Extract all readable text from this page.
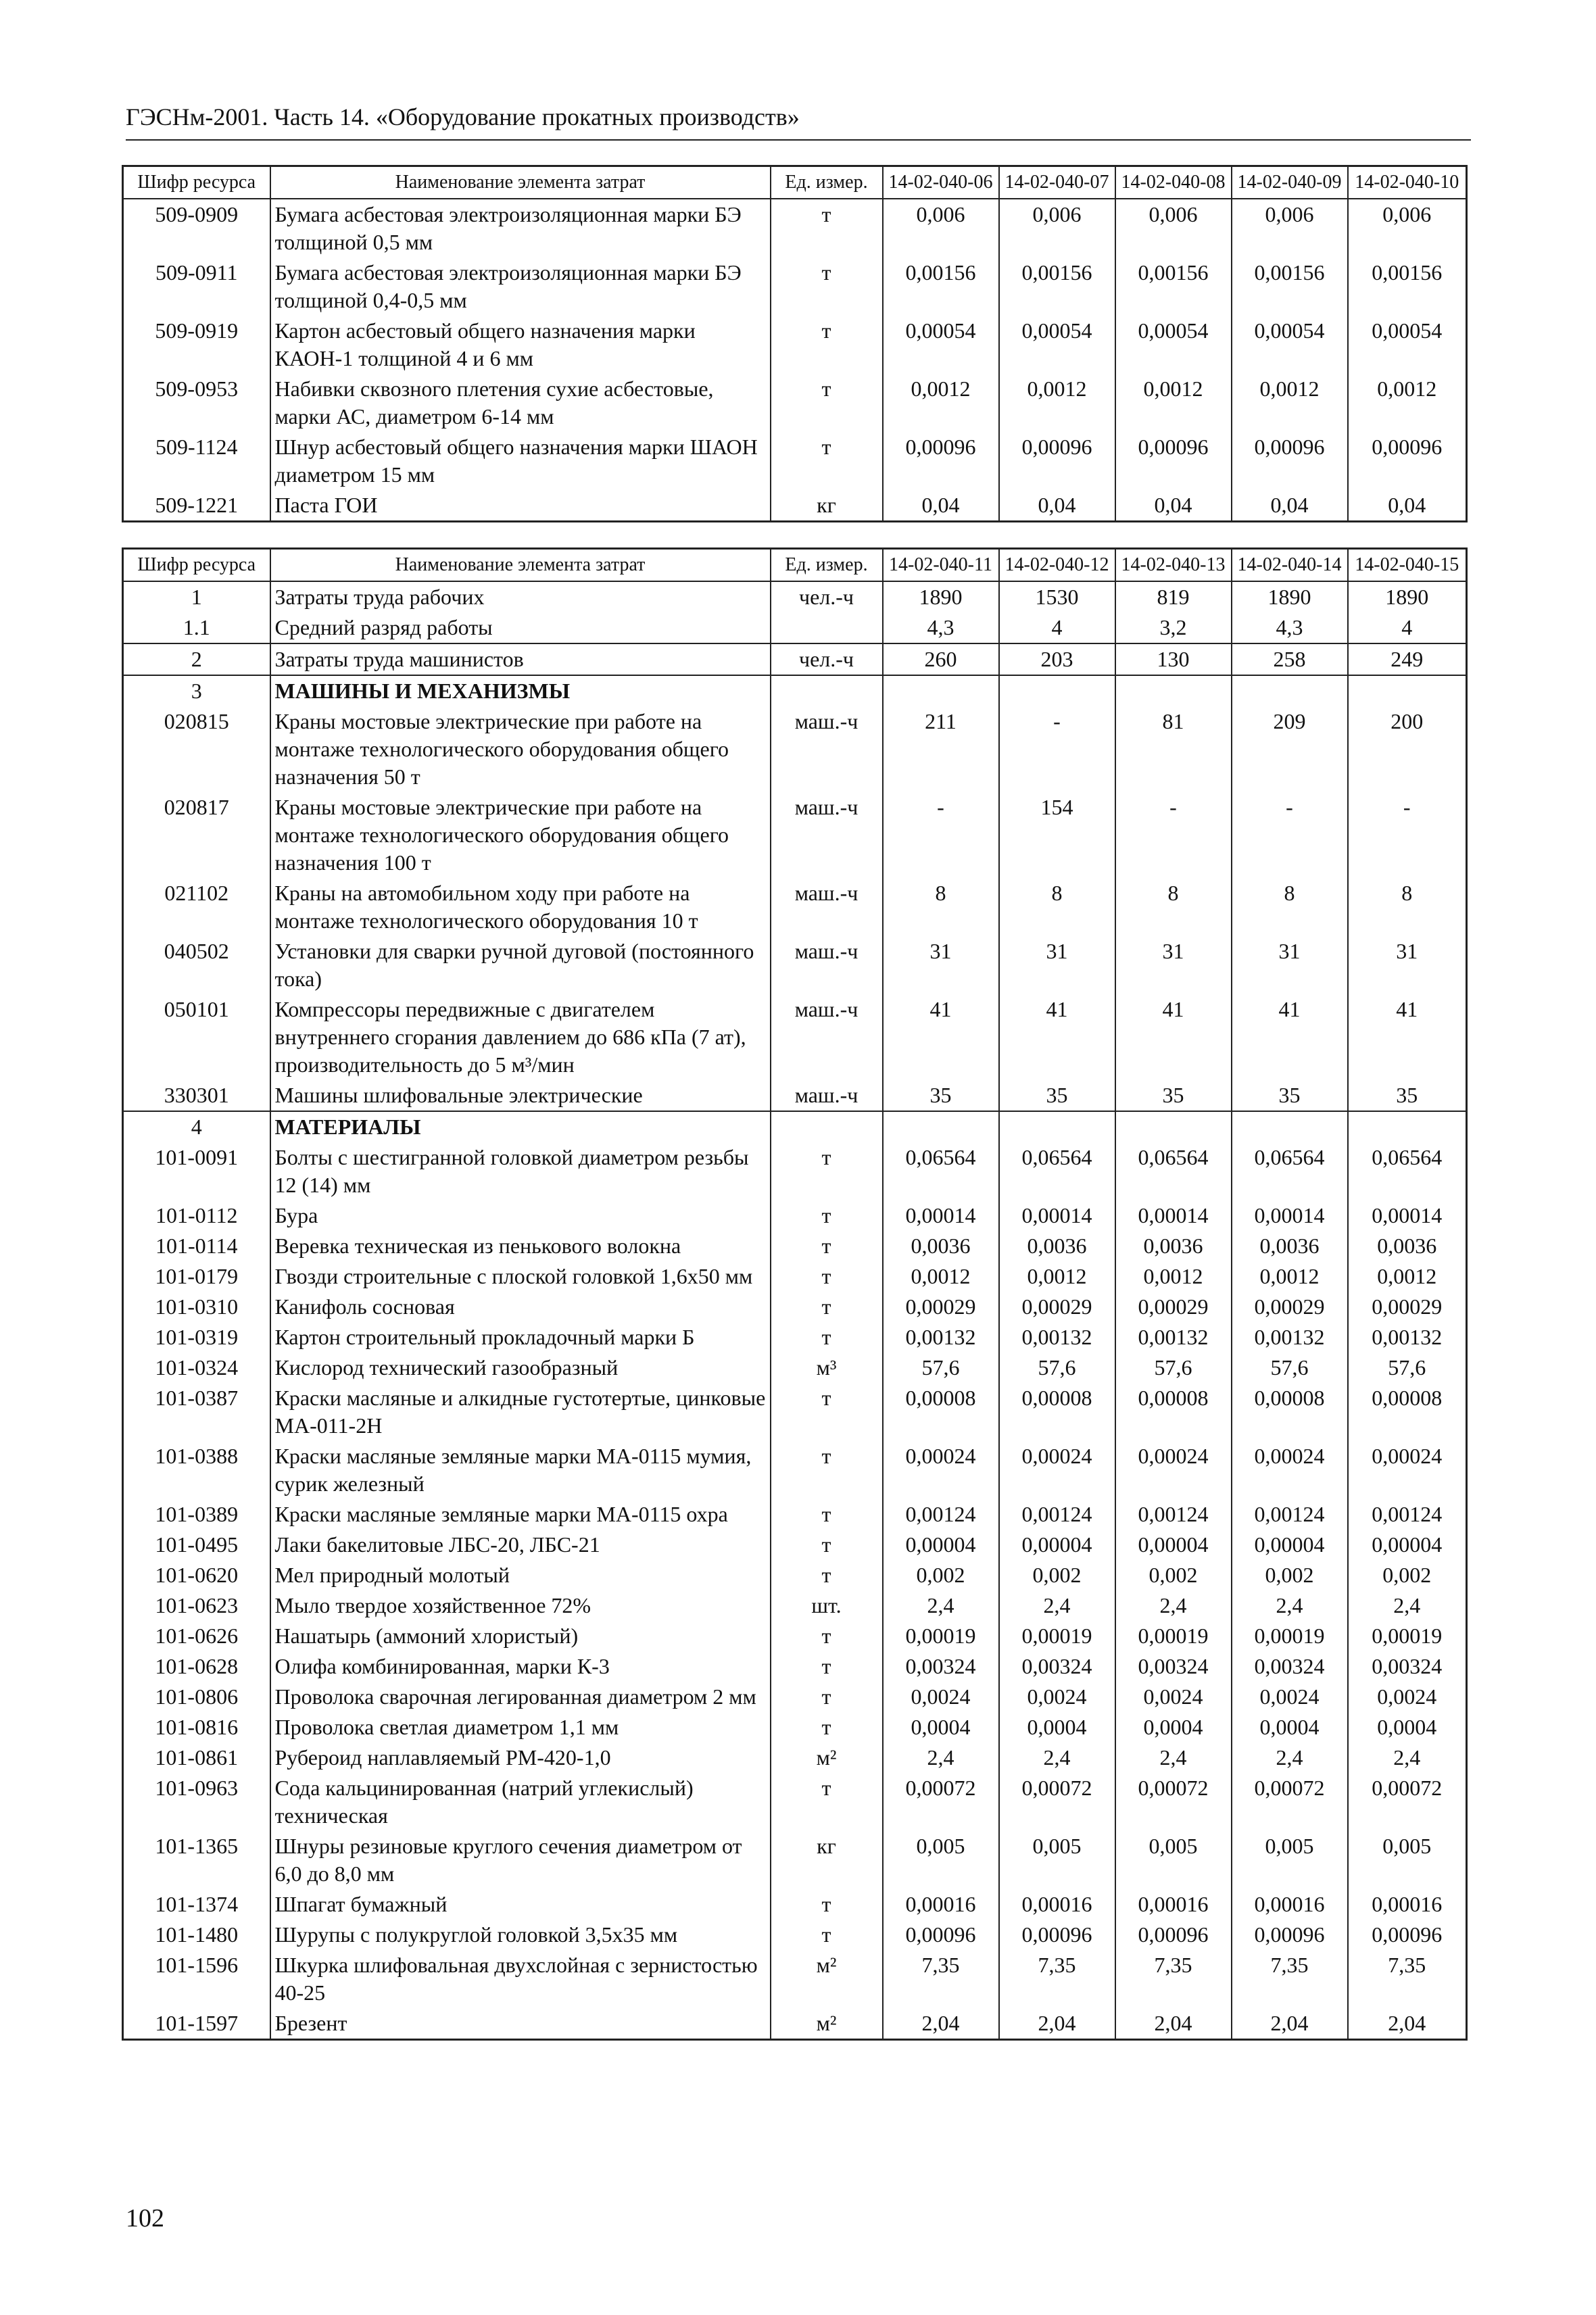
ГЭСНм-2001. Часть 14. «Оборудование прокатных производств»
Шифр ресурса	Наименование элемента затрат	Ед. измер.	14-02-040-06	14-02-040-07	14-02-040-08	14-02-040-09	14-02-040-10
509-0909	Бумага асбестовая электроизоляционная марки БЭ толщиной 0,5 мм	т	0,006	0,006	0,006	0,006	0,006
509-0911	Бумага асбестовая электроизоляционная марки БЭ толщиной 0,4-0,5 мм	т	0,00156	0,00156	0,00156	0,00156	0,00156
509-0919	Картон асбестовый общего назначения марки КАОН-1 толщиной 4 и 6 мм	т	0,00054	0,00054	0,00054	0,00054	0,00054
509-0953	Набивки сквозного плетения сухие асбестовые, марки АС, диаметром 6-14 мм	т	0,0012	0,0012	0,0012	0,0012	0,0012
509-1124	Шнур асбестовый общего назначения марки ШАОН диаметром 15 мм	т	0,00096	0,00096	0,00096	0,00096	0,00096
509-1221	Паста ГОИ	кг	0,04	0,04	0,04	0,04	0,04
Шифр ресурса	Наименование элемента затрат	Ед. измер.	14-02-040-11	14-02-040-12	14-02-040-13	14-02-040-14	14-02-040-15
1	Затраты труда рабочих	чел.-ч	1890	1530	819	1890	1890
1.1	Средний разряд работы		4,3	4	3,2	4,3	4
2	Затраты труда машинистов	чел.-ч	260	203	130	258	249
3	МАШИНЫ И МЕХАНИЗМЫ						
020815	Краны мостовые электрические при работе на монтаже технологического оборудования общего назначения 50 т	маш.-ч	211	-	81	209	200
020817	Краны мостовые электрические при работе на монтаже технологического оборудования общего назначения 100 т	маш.-ч	-	154	-	-	-
021102	Краны на автомобильном ходу при работе на монтаже технологического оборудования 10 т	маш.-ч	8	8	8	8	8
040502	Установки для сварки ручной дуговой (постоянного тока)	маш.-ч	31	31	31	31	31
050101	Компрессоры передвижные с двигателем внутреннего сгорания давлением до 686 кПа (7 ат), производительность до 5 м³/мин	маш.-ч	41	41	41	41	41
330301	Машины шлифовальные электрические	маш.-ч	35	35	35	35	35
4	МАТЕРИАЛЫ						
101-0091	Болты с шестигранной головкой диаметром резьбы 12 (14) мм	т	0,06564	0,06564	0,06564	0,06564	0,06564
101-0112	Бура	т	0,00014	0,00014	0,00014	0,00014	0,00014
101-0114	Веревка техническая из пенькового волокна	т	0,0036	0,0036	0,0036	0,0036	0,0036
101-0179	Гвозди строительные с плоской головкой 1,6x50 мм	т	0,0012	0,0012	0,0012	0,0012	0,0012
101-0310	Канифоль сосновая	т	0,00029	0,00029	0,00029	0,00029	0,00029
101-0319	Картон строительный прокладочный марки Б	т	0,00132	0,00132	0,00132	0,00132	0,00132
101-0324	Кислород технический газообразный	м³	57,6	57,6	57,6	57,6	57,6
101-0387	Краски масляные и алкидные густотертые, цинковые МА-011-2Н	т	0,00008	0,00008	0,00008	0,00008	0,00008
101-0388	Краски масляные земляные марки МА-0115 мумия, сурик железный	т	0,00024	0,00024	0,00024	0,00024	0,00024
101-0389	Краски масляные земляные марки МА-0115 охра	т	0,00124	0,00124	0,00124	0,00124	0,00124
101-0495	Лаки бакелитовые ЛБС-20, ЛБС-21	т	0,00004	0,00004	0,00004	0,00004	0,00004
101-0620	Мел природный молотый	т	0,002	0,002	0,002	0,002	0,002
101-0623	Мыло твердое хозяйственное 72%	шт.	2,4	2,4	2,4	2,4	2,4
101-0626	Нашатырь (аммоний хлористый)	т	0,00019	0,00019	0,00019	0,00019	0,00019
101-0628	Олифа комбинированная, марки К-3	т	0,00324	0,00324	0,00324	0,00324	0,00324
101-0806	Проволока сварочная легированная диаметром 2 мм	т	0,0024	0,0024	0,0024	0,0024	0,0024
101-0816	Проволока светлая диаметром 1,1 мм	т	0,0004	0,0004	0,0004	0,0004	0,0004
101-0861	Рубероид наплавляемый РМ-420-1,0	м²	2,4	2,4	2,4	2,4	2,4
101-0963	Сода кальцинированная (натрий углекислый) техническая	т	0,00072	0,00072	0,00072	0,00072	0,00072
101-1365	Шнуры резиновые круглого сечения диаметром от 6,0 до 8,0 мм	кг	0,005	0,005	0,005	0,005	0,005
101-1374	Шпагат бумажный	т	0,00016	0,00016	0,00016	0,00016	0,00016
101-1480	Шурупы с полукруглой головкой 3,5x35 мм	т	0,00096	0,00096	0,00096	0,00096	0,00096
101-1596	Шкурка шлифовальная двухслойная с зернистостью 40-25	м²	7,35	7,35	7,35	7,35	7,35
101-1597	Брезент	м²	2,04	2,04	2,04	2,04	2,04
102
